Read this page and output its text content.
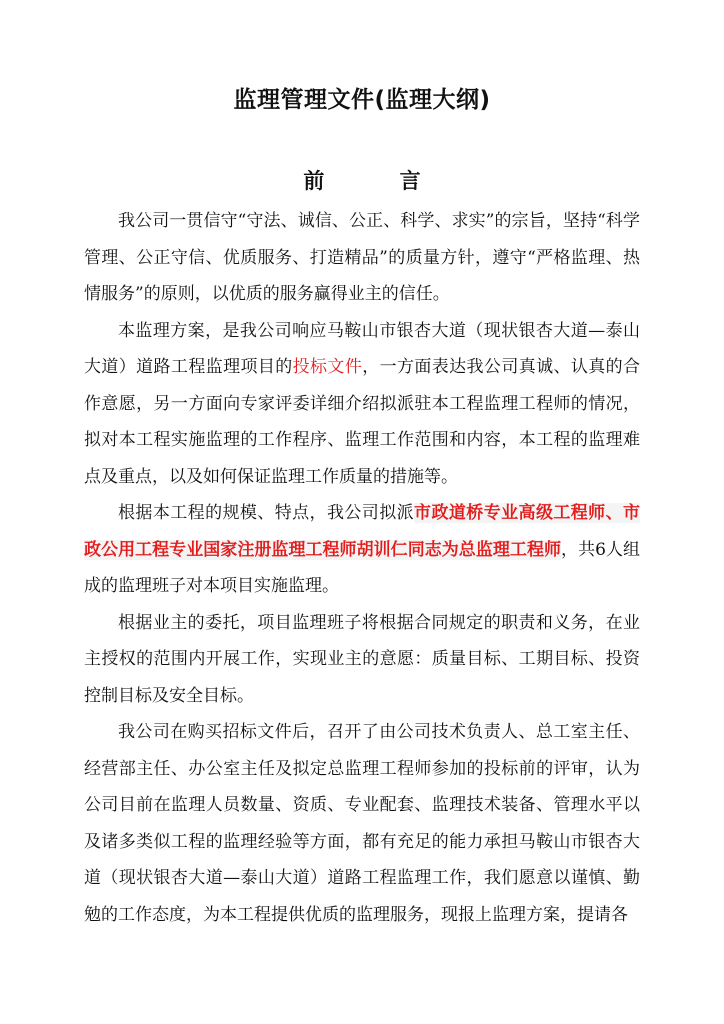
监理管理文件(监理大纲)
前 言

我公司一贯信守“守法、诚信、公正、科学、求实”的宗旨，坚持“科学管理、公正守信、优质服务、打造精品”的质量方针，遵守“严格监理、热情服务”的原则，以优质的服务赢得业主的信任。

本监理方案，是我公司响应马鞍山市银杏大道（现状银杏大道—泰山大道）道路工程监理项目的投标文件，一方面表达我公司真诚、认真的合作意愿，另一方面向专家评委详细介绍拟派驻本工程监理工程师的情况，拟对本工程实施监理的工作程序、监理工作范围和内容，本工程的监理难点及重点，以及如何保证监理工作质量的措施等。

根据本工程的规模、特点，我公司拟派市政道桥专业高级工程师、市政公用工程专业国家注册监理工程师胡训仁同志为总监理工程师，共6人组成的监理班子对本项目实施监理。

根据业主的委托，项目监理班子将根据合同规定的职责和义务，在业主授权的范围内开展工作，实现业主的意愿：质量目标、工期目标、投资控制目标及安全目标。

我公司在购买招标文件后，召开了由公司技术负责人、总工室主任、经营部主任、办公室主任及拟定总监理工程师参加的投标前的评审，认为公司目前在监理人员数量、资质、专业配套、监理技术装备、管理水平以及诸多类似工程的监理经验等方面，都有充足的能力承担马鞍山市银杏大道（现状银杏大道—泰山大道）道路工程监理工作，我们愿意以谨慎、勤勉的工作态度，为本工程提供优质的监理服务，现报上监理方案，提请各
